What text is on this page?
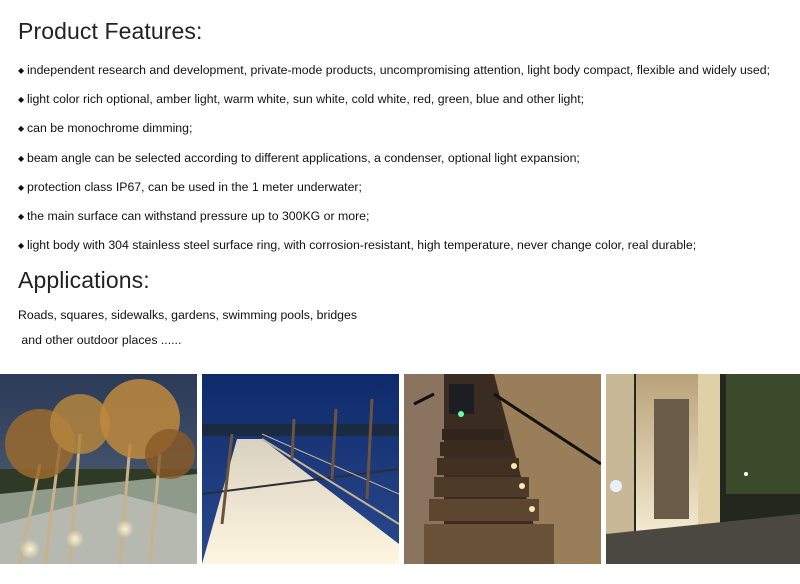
Product Features:
◆ independent research and development, private-mode products, uncompromising attention, light body compact, flexible and widely used;
◆ light color rich optional, amber light, warm white, sun white, cold white, red, green, blue and other light;
◆ can be monochrome dimming;
◆ beam angle can be selected according to different applications, a condenser, optional light expansion;
◆ protection class IP67, can be used in the 1 meter underwater;
◆ the main surface can withstand pressure up to 300KG or more;
◆ light body with 304 stainless steel surface ring, with corrosion-resistant, high temperature, never change color, real durable;
Applications:
Roads, squares, sidewalks, gardens, swimming pools, bridges
and other outdoor places ......
